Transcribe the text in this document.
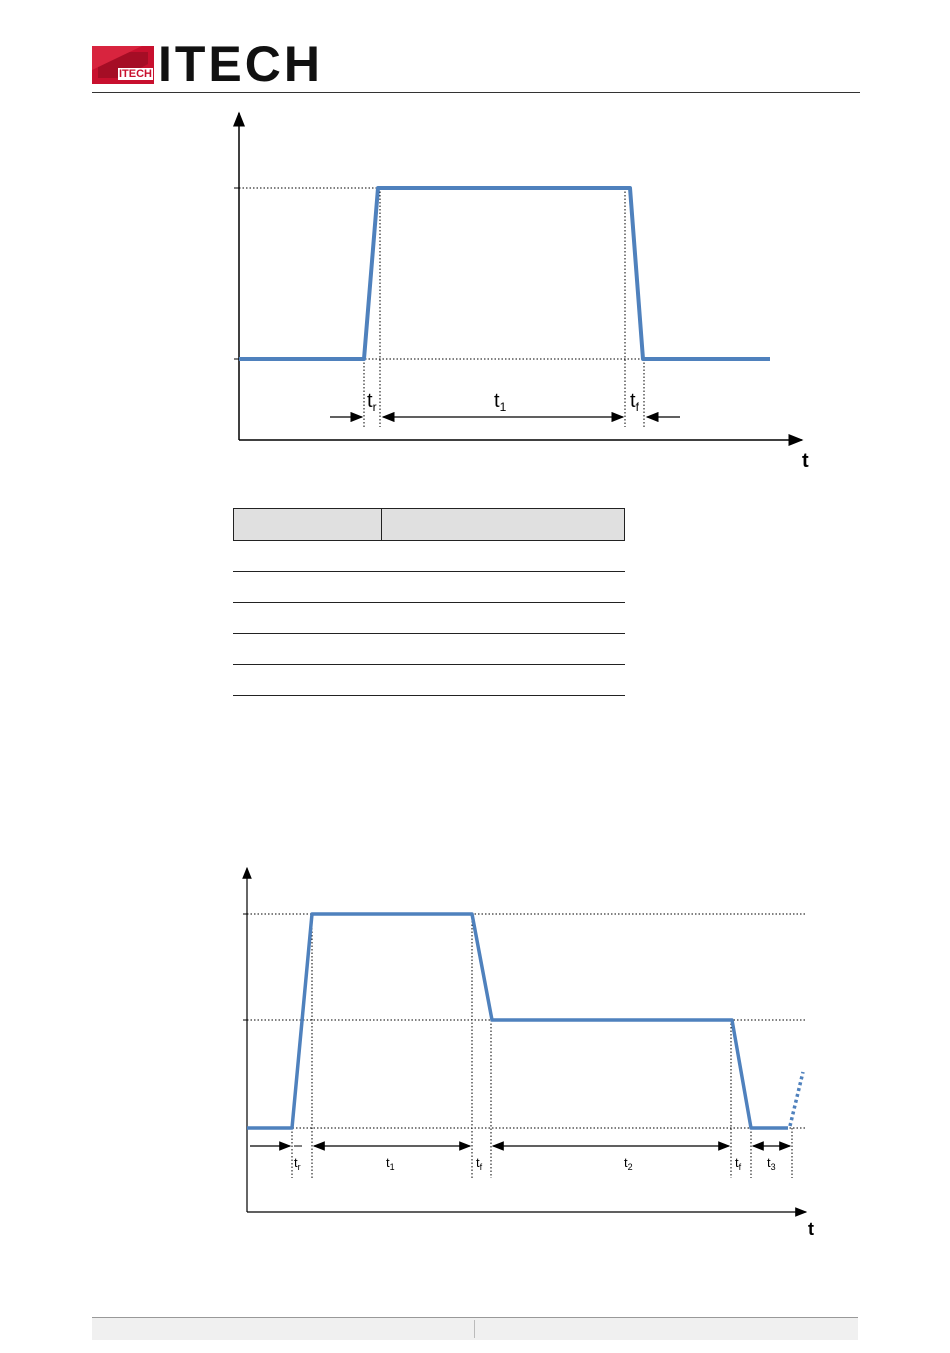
ITECH ITECH
$t_r$	$t_1$	$t_f$
t
$t_r$	$t_1$	$t_f$	$t_2$	$t_f$ $t_3$
t
